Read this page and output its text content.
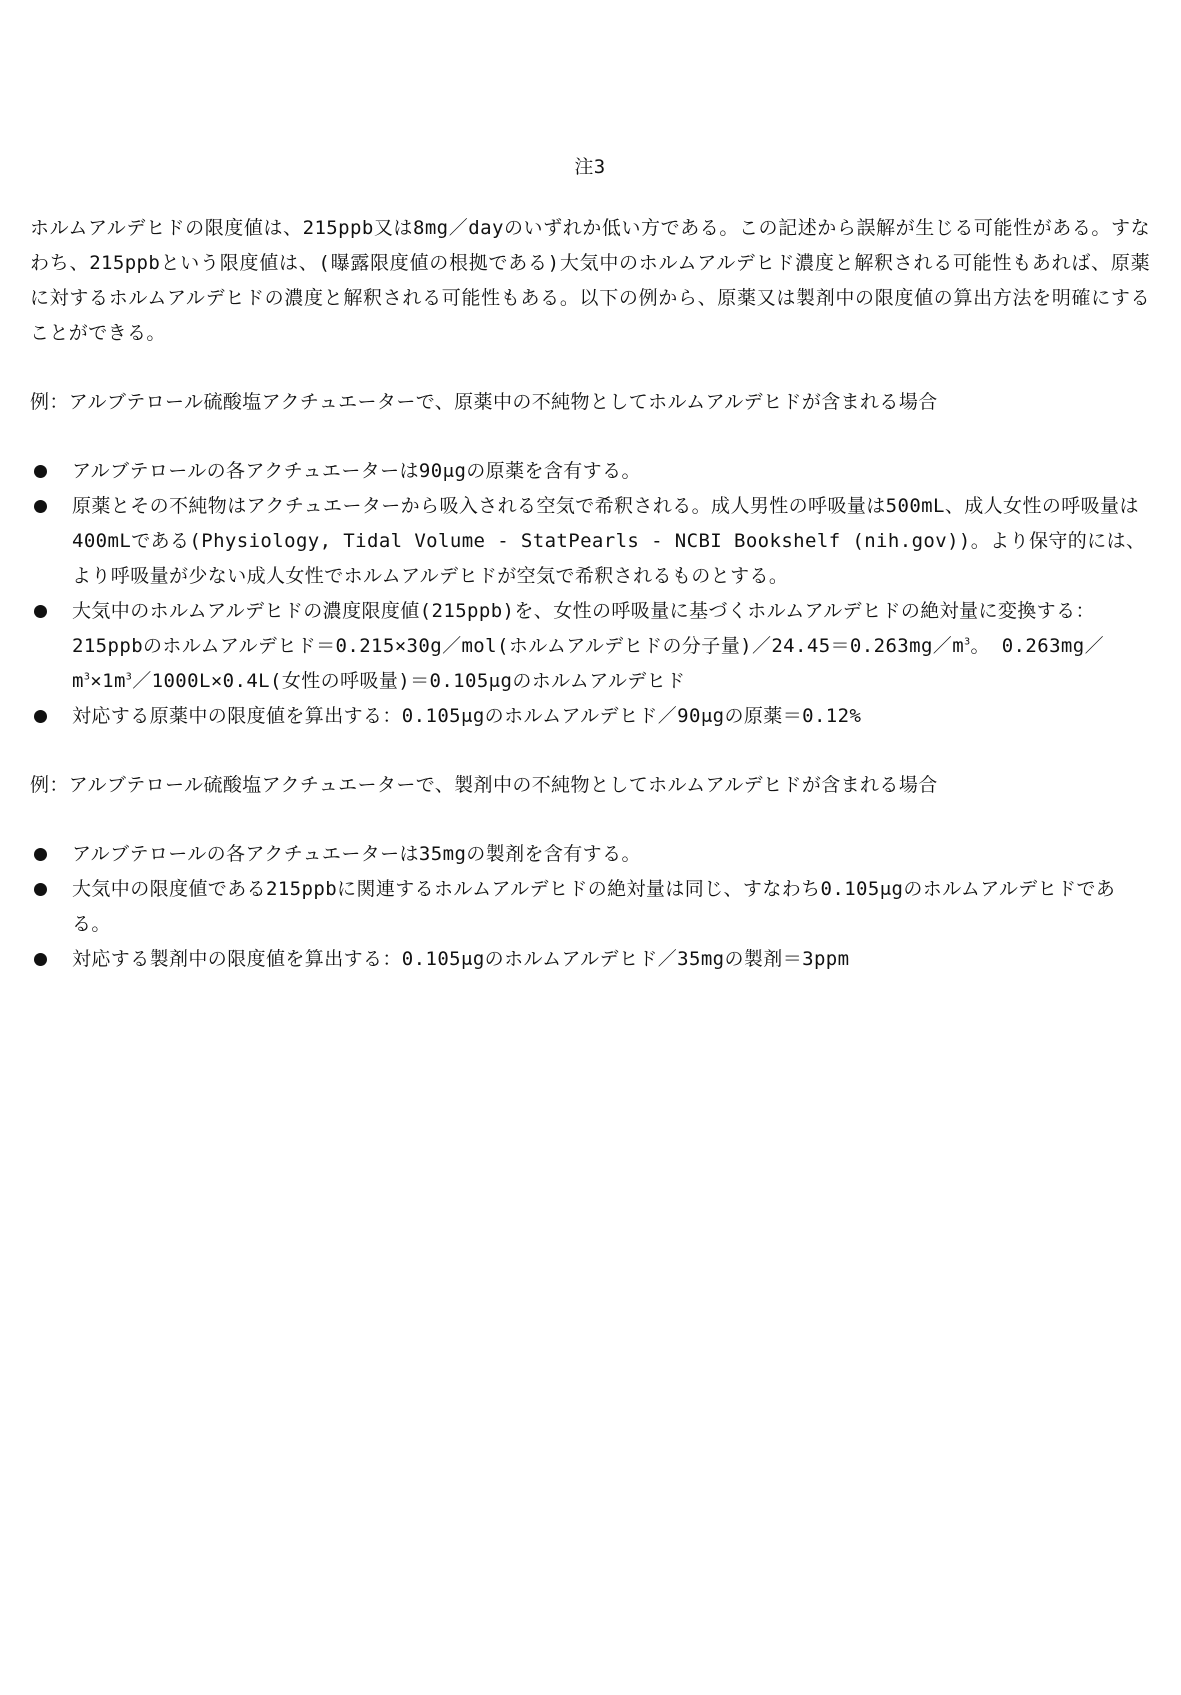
注3

ホルムアルデヒドの限度値は、215ppb又は8mg／dayのいずれか低い方である。この記述から誤解が生じる可能性がある。すなわち、215ppbという限度値は、(曝露限度値の根拠である)大気中のホルムアルデヒド濃度と解釈される可能性もあれば、原薬に対するホルムアルデヒドの濃度と解釈される可能性もある。以下の例から、原薬又は製剤中の限度値の算出方法を明確にすることができる。

例：アルブテロール硫酸塩アクチュエーターで、原薬中の不純物としてホルムアルデヒドが含まれる場合

アルブテロールの各アクチュエーターは90μgの原薬を含有する。
原薬とその不純物はアクチュエーターから吸入される空気で希釈される。成人男性の呼吸量は500mL、成人女性の呼吸量は400mLである(Physiology, Tidal Volume - StatPearls - NCBI Bookshelf (nih.gov))。より保守的には、より呼吸量が少ない成人女性でホルムアルデヒドが空気で希釈されるものとする。
大気中のホルムアルデヒドの濃度限度値(215ppb)を、女性の呼吸量に基づくホルムアルデヒドの絶対量に変換する：215ppbのホルムアルデヒド＝0.215×30g／mol(ホルムアルデヒドの分子量)$/24.45=0.263mg/m^3$。 $0.263mg/m^3\times 1m^3/1000L\times 0.4L$(女性の呼吸量)＝0.105μgのホルムアルデヒド
対応する原薬中の限度値を算出する：0.105μgのホルムアルデヒド／90μgの原薬＝0.12%

例：アルブテロール硫酸塩アクチュエーターで、製剤中の不純物としてホルムアルデヒドが含まれる場合

アルブテロールの各アクチュエーターは35mgの製剤を含有する。
大気中の限度値である215ppbに関連するホルムアルデヒドの絶対量は同じ、すなわち0.105μgのホルムアルデヒドである。
対応する製剤中の限度値を算出する：0.105μgのホルムアルデヒド／35mgの製剤＝3ppm
